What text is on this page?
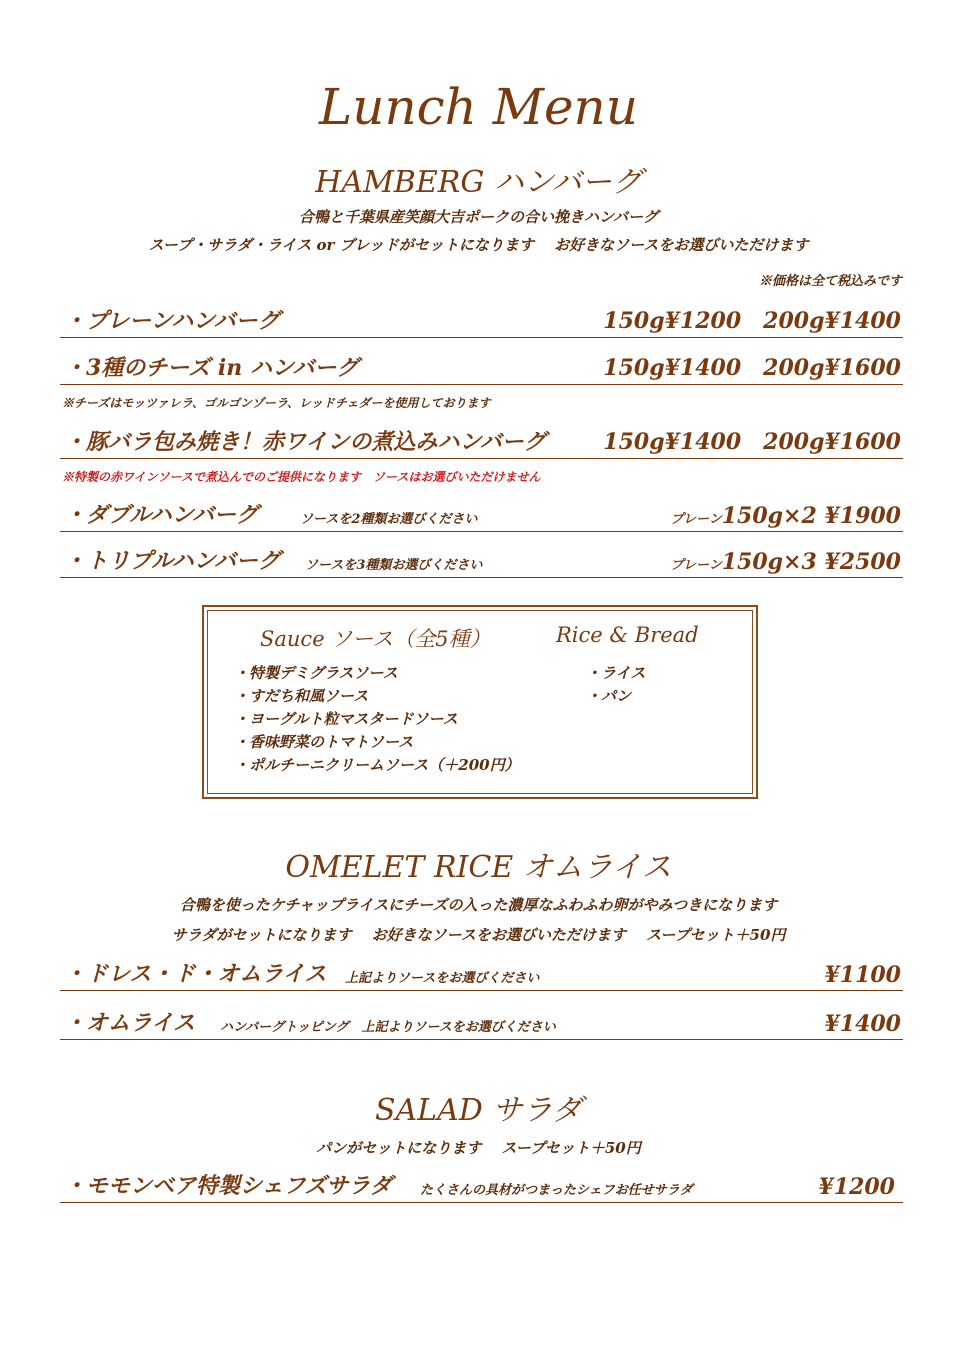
Lunch Menu
HAMBERG ハンバーグ
合鴨と千葉県産笑顔大吉ポークの合い挽きハンバーグ
スープ・サラダ・ライス or ブレッドがセットになります　 お好きなソースをお選びいただけます
※価格は全て税込みです
・プレーンハンバーグ	150g¥1200　200g¥1400
・3種のチーズ in ハンバーグ	150g¥1400　200g¥1600
※チーズはモッツァレラ、ゴルゴンゾーラ、レッドチェダーを使用しております
・豚バラ包み焼き！赤ワインの煮込みハンバーグ	150g¥1400　200g¥1600
※特製の赤ワインソースで煮込んでのご提供になります　ソースはお選びいただけません
・ダブルハンバーグ	ソースを2種類お選びください	プレーン150g×2 ¥1900
・トリプルハンバーグ ソースを3種類お選びください	プレーン150g×3 ¥2500
Sauce ソース（全5種）	Rice & Bread
・特製デミグラスソース
・すだち和風ソース
・ヨーグルト粒マスタードソース
・香味野菜のトマトソース
・ポルチーニクリームソース（＋200円）
・ライス
・パン
OMELET RICE オムライス
合鴨を使ったケチャップライスにチーズの入った濃厚なふわふわ卵がやみつきになります
サラダがセットになります　 お好きなソースをお選びいただけます　 スープセット＋50円
・ドレス・ド・オムライス 上記よりソースをお選びください	¥1100
・オムライス ハンバーグトッピング　上記よりソースをお選びください	¥1400
SALAD サラダ
パンがセットになります　 スープセット＋50円
・モモンベア特製シェフズサラダ たくさんの具材がつまったシェフお任せサラダ	¥1200
